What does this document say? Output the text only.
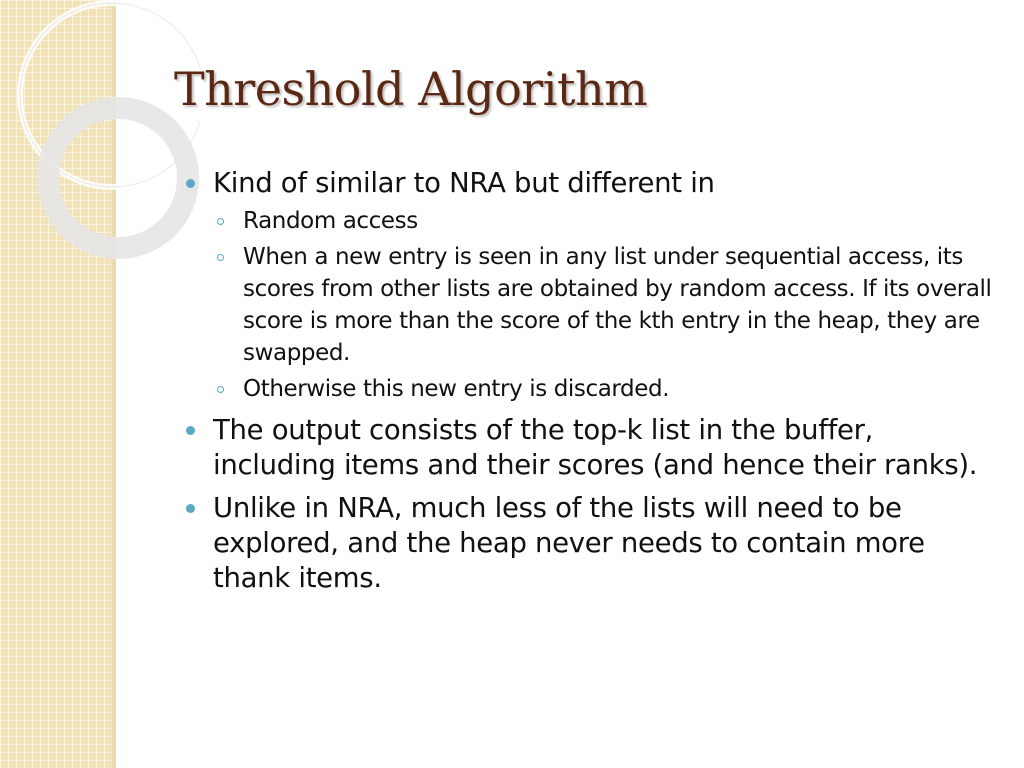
Threshold Algorithm
Kind of similar to NRA but different in
Random access
When a new entry is seen in any list under sequential access, its scores from other lists are obtained by random access. If its overall score is more than the score of the kth entry in the heap, they are swapped.
Otherwise this new entry is discarded.
The output consists of the top-k list in the buffer, including items and their scores (and hence their ranks).
Unlike in NRA, much less of the lists will need to be explored, and the heap never needs to contain more thank items.
